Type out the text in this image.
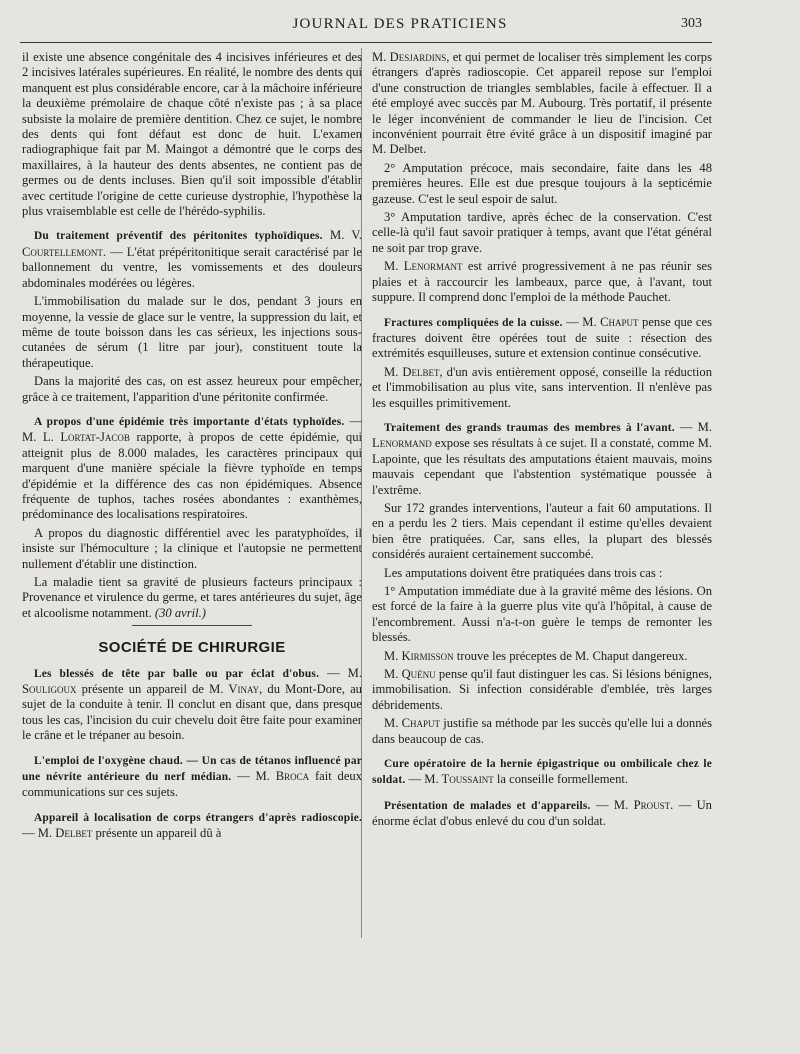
JOURNAL DES PRATICIENS	303

il existe une absence congénitale des 4 incisives inférieures et des 2 incisives latérales supérieures. En réalité, le nombre des dents qui manquent est plus considérable encore, car à la mâchoire inférieure la deuxième prémolaire de chaque côté n'existe pas ; à sa place subsiste la molaire de première dentition. Chez ce sujet, le nombre des dents qui font défaut est donc de huit. L'examen radiographique fait par M. Maingot a démontré que le corps des maxillaires, à la hauteur des dents absentes, ne contient pas de germes ou de dents incluses. Bien qu'il soit impossible d'établir avec certitude l'origine de cette curieuse dystrophie, l'hypothèse la plus vraisemblable est celle de l'hérédo-syphilis.

Du traitement préventif des péritonites typhoïdiques. M. V. Courtellemont. — L'état prépéritonitique serait caractérisé par le ballonnement du ventre, les vomissements et des douleurs abdominales modérées ou légères.

L'immobilisation du malade sur le dos, pendant 3 jours en moyenne, la vessie de glace sur le ventre, la suppression du lait, et même de toute boisson dans les cas sérieux, les injections sous-cutanées de sérum (1 litre par jour), constituent toute la thérapeutique.

Dans la majorité des cas, on est assez heureux pour empêcher, grâce à ce traitement, l'apparition d'une péritonite confirmée.

A propos d'une épidémie très importante d'états typhoïdes. — M. L. Lortat-Jacob rapporte, à propos de cette épidémie, qui atteignit plus de 8.000 malades, les caractères principaux qui marquent d'une manière spéciale la fièvre typhoïde en temps d'épidémie et la différence des cas non épidémiques. Absence fréquente de tuphos, taches rosées abondantes : exanthèmes, prédominance des localisations respiratoires.

A propos du diagnostic différentiel avec les paratyphoïdes, il insiste sur l'hémoculture ; la clinique et l'autopsie ne permettent nullement d'établir une distinction.

La maladie tient sa gravité de plusieurs facteurs principaux : Provenance et virulence du germe, et tares antérieures du sujet, âge et alcoolisme notamment. (30 avril.)

SOCIÉTÉ DE CHIRURGIE

Les blessés de tête par balle ou par éclat d'obus. — M. Souligoux présente un appareil de M. Vinay, du Mont-Dore, au sujet de la conduite à tenir. Il conclut en disant que, dans presque tous les cas, l'incision du cuir chevelu doit être faite pour examiner le crâne et le trépaner au besoin.

L'emploi de l'oxygène chaud. — Un cas de tétanos influencé par une névrite antérieure du nerf médian. — M. Broca fait deux communications sur ces sujets.

Appareil à localisation de corps étrangers d'après radioscopie. — M. Delbet présente un appareil dû à

M. Desjardins, et qui permet de localiser très simplement les corps étrangers d'après radioscopie. Cet appareil repose sur l'emploi d'une construction de triangles semblables, facile à effectuer. Il a été employé avec succès par M. Aubourg. Très portatif, il présente le léger inconvénient de commander le lieu de l'incision. Cet inconvénient pourrait être évité grâce à un dispositif imaginé par M. Delbet.

2° Amputation précoce, mais secondaire, faite dans les 48 premières heures. Elle est due presque toujours à la septicémie gazeuse. C'est le seul espoir de salut.

3° Amputation tardive, après échec de la conservation. C'est celle-là qu'il faut savoir pratiquer à temps, avant que l'état général ne soit par trop grave.

M. Lenormant est arrivé progressivement à ne pas réunir ses plaies et à raccourcir les lambeaux, parce que, à l'avant, tout suppure. Il comprend donc l'emploi de la méthode Pauchet.

Fractures compliquées de la cuisse. — M. Chaput pense que ces fractures doivent être opérées tout de suite : résection des extrémités esquilleuses, suture et extension continue consécutive.

M. Delbet, d'un avis entièrement opposé, conseille la réduction et l'immobilisation au plus vite, sans intervention. Il n'enlève pas les esquilles primitivement.

Traitement des grands traumas des membres à l'avant. — M. Lenormand expose ses résultats à ce sujet. Il a constaté, comme M. Lapointe, que les résultats des amputations étaient mauvais, moins mauvais cependant que l'abstention systématique poussée à l'extrême.

Sur 172 grandes interventions, l'auteur a fait 60 amputations. Il en a perdu les 2 tiers. Mais cependant il estime qu'elles devaient bien être pratiquées. Car, sans elles, la plupart des blessés considérés auraient certainement succombé.

Les amputations doivent être pratiquées dans trois cas :

1° Amputation immédiate due à la gravité même des lésions. On est forcé de la faire à la guerre plus vite qu'à l'hôpital, à cause de l'encombrement. Aussi n'a-t-on guère le temps de remonter les blessés.

M. Kirmisson trouve les préceptes de M. Chaput dangereux.

M. Quénu pense qu'il faut distinguer les cas. Si lésions bénignes, immobilisation. Si infection considérable d'emblée, très larges débridements.

M. Chaput justifie sa méthode par les succès qu'elle lui a donnés dans beaucoup de cas.

Cure opératoire de la hernie épigastrique ou ombilicale chez le soldat. — M. Toussaint la conseille formellement.

Présentation de malades et d'appareils. — M. Proust. — Un énorme éclat d'obus enlevé du cou d'un soldat.
